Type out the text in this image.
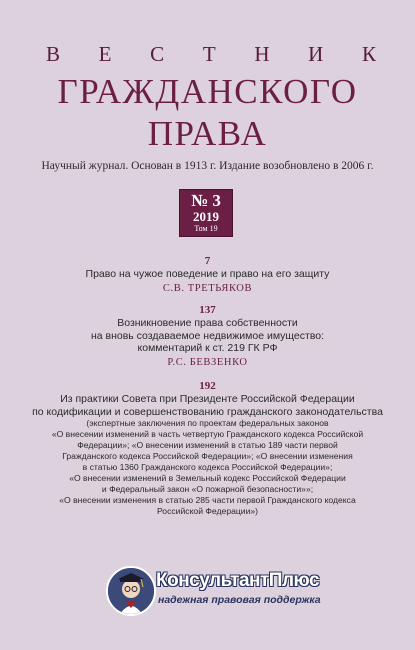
В Е С Т Н И К
ГРАЖДАНСКОГО
ПРАВА
Научный журнал. Основан в 1913 г. Издание возобновлено в 2006 г.
№ 3
2019
Том 19
7
Право на чужое поведение и право на его защиту
С.В. ТРЕТЬЯКОВ
137
Возникновение права собственности
на вновь создаваемое недвижимое имущество:
комментарий к ст. 219 ГК РФ
Р.С. БЕВЗЕНКО
192
Из практики Совета при Президенте Российской Федерации
по кодификации и совершенствованию гражданского законодательства
(экспертные заключения по проектам федеральных законов
«О внесении изменений в часть четвертую Гражданского кодекса Российской
Федерации»; «О внесении изменений в статью 189 части первой
Гражданского кодекса Российской Федерации»; «О внесении изменения
в статью 1360 Гражданского кодекса Российской Федерации»;
«О внесении изменений в Земельный кодекс Российской Федерации
и Федеральный закон «О пожарной безопасности»»;
«О внесении изменения в статью 285 части первой Гражданского кодекса
Российской Федерации»)
КонсультантПлюс
надежная правовая поддержка
